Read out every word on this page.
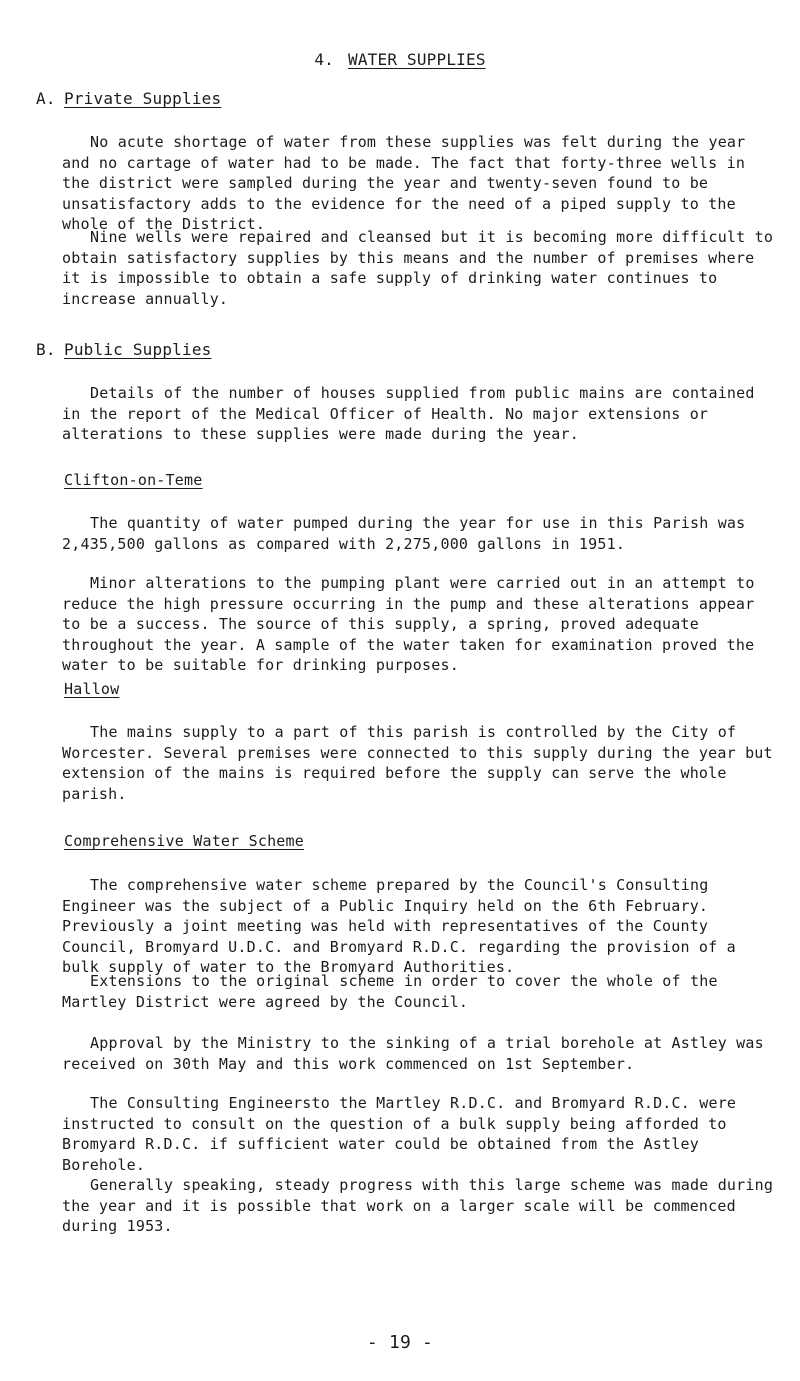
4. WATER SUPPLIES
A. Private Supplies

No acute shortage of water from these supplies was felt during the year and no cartage of water had to be made. The fact that forty-three wells in the district were sampled during the year and twenty-seven found to be unsatisfactory adds to the evidence for the need of a piped supply to the whole of the District.

Nine wells were repaired and cleansed but it is becoming more difficult to obtain satisfactory supplies by this means and the number of premises where it is impossible to obtain a safe supply of drinking water continues to increase annually.

B. Public Supplies

Details of the number of houses supplied from public mains are contained in the report of the Medical Officer of Health. No major extensions or alterations to these supplies were made during the year.

Clifton-on-Teme

The quantity of water pumped during the year for use in this Parish was 2,435,500 gallons as compared with 2,275,000 gallons in 1951.

Minor alterations to the pumping plant were carried out in an attempt to reduce the high pressure occurring in the pump and these alterations appear to be a success. The source of this supply, a spring, proved adequate throughout the year. A sample of the water taken for examination proved the water to be suitable for drinking purposes.

Hallow

The mains supply to a part of this parish is controlled by the City of Worcester. Several premises were connected to this supply during the year but extension of the mains is required before the supply can serve the whole parish.

Comprehensive Water Scheme

The comprehensive water scheme prepared by the Council's Consulting Engineer was the subject of a Public Inquiry held on the 6th February. Previously a joint meeting was held with representatives of the County Council, Bromyard U.D.C. and Bromyard R.D.C. regarding the provision of a bulk supply of water to the Bromyard Authorities.

Extensions to the original scheme in order to cover the whole of the Martley District were agreed by the Council.

Approval by the Ministry to the sinking of a trial borehole at Astley was received on 30th May and this work commenced on 1st September.

The Consulting Engineersto the Martley R.D.C. and Bromyard R.D.C. were instructed to consult on the question of a bulk supply being afforded to Bromyard R.D.C. if sufficient water could be obtained from the Astley Borehole.

Generally speaking, steady progress with this large scheme was made during the year and it is possible that work on a larger scale will be commenced during 1953.

- 19 -
